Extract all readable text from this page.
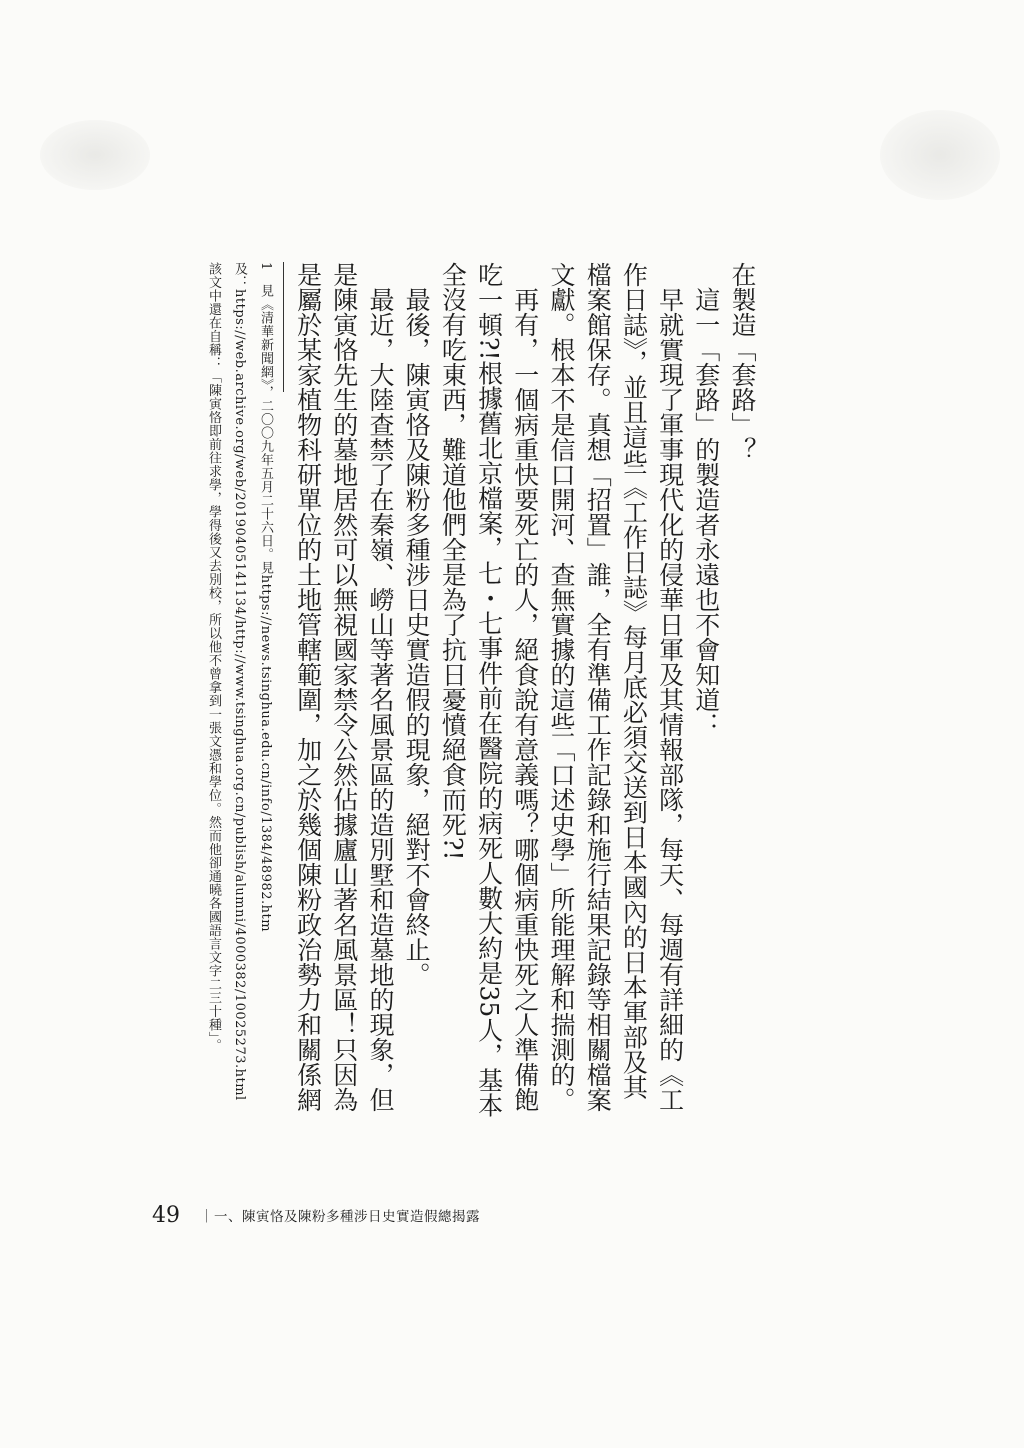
在製造「套路」？

這一「套路」的製造者永遠也不會知道：

早就實現了軍事現代化的侵華日軍及其情報部隊，每天、每週有詳細的《工作日誌》，並且這些《工作日誌》每月底必須交送到日本國內的日本軍部及其檔案館保存。真想「招置」誰，全有準備工作記錄和施行結果記錄等相關檔案文獻。根本不是信口開河、查無實據的這些「口述史學」所能理解和揣測的。

再有，一個病重快要死亡的人，絕食說有意義嗎？哪個病重快死之人準備飽吃一頓?!根據舊北京檔案，七・七事件前在醫院的病死人數大約是35人，基本全沒有吃東西，難道他們全是為了抗日憂憤絕食而死?!

最後，陳寅恪及陳粉多種涉日史實造假的現象，絕對不會終止。

最近，大陸查禁了在秦嶺、嶗山等著名風景區的造別墅和造墓地的現象，但是陳寅恪先生的墓地居然可以無視國家禁令公然佔據廬山著名風景區！只因為是屬於某家植物科研單位的土地管轄範圍，加之於幾個陳粉政治勢力和關係網

1　見《清華新聞網》，二〇〇九年五月二十六日。見https://news.tsinghua.edu.cn/info/1384/48982.htm

及：https://web.archive.org/web/20190405141134/http://www.tsinghua.org.cn/publish/alumni/4000382/10025273.html

該文中還在自稱：「陳寅恪即前往求學，學得後又去別校，所以他不曾拿到一張文憑和學位。然而他卻通曉各國語言文字二三十種」。

49 ｜一、陳寅恪及陳粉多種涉日史實造假總揭露
